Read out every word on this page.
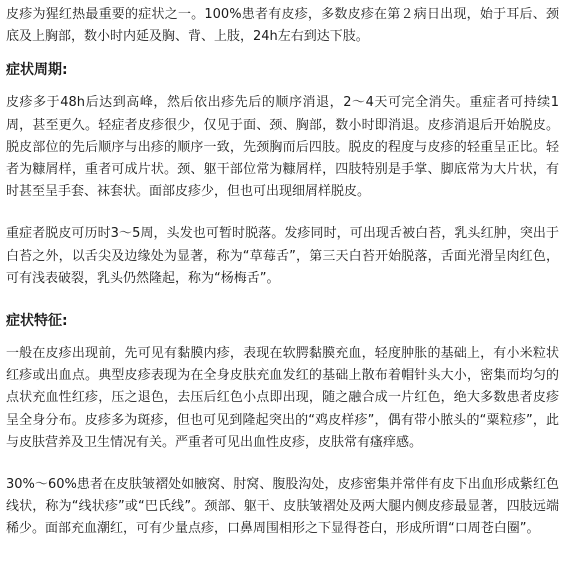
皮疹为猩红热最重要的症状之一。100%患者有皮疹，多数皮疹在第２病日出现，始于耳后、颈底及上胸部，数小时内延及胸、背、上肢，24h左右到达下肢。

症状周期:

皮疹多于48h后达到高峰，然后依出疹先后的顺序消退，2～4天可完全消失。重症者可持续1周，甚至更久。轻症者皮疹很少，仅见于面、颈、胸部，数小时即消退。皮疹消退后开始脱皮。脱皮部位的先后顺序与出疹的顺序一致，先颈胸而后四肢。脱皮的程度与皮疹的轻重呈正比。轻者为糠屑样，重者可成片状。颈、躯干部位常为糠屑样，四肢特别是手掌、脚底常为大片状，有时甚至呈手套、袜套状。面部皮疹少，但也可出现细屑样脱皮。

重症者脱皮可历时3～5周，头发也可暂时脱落。发疹同时，可出现舌被白苔，乳头红肿，突出于白苔之外，以舌尖及边缘处为显著，称为“草莓舌”，第三天白苔开始脱落，舌面光滑呈肉红色，可有浅表破裂，乳头仍然隆起，称为“杨梅舌”。

症状特征:

一般在皮疹出现前，先可见有黏膜内疹，表现在软腭黏膜充血，轻度肿胀的基础上，有小米粒状红疹或出血点。典型皮疹表现为在全身皮肤充血发红的基础上散布着帽针头大小，密集而均匀的点状充血性红疹，压之退色，去压后红色小点即出现，随之融合成一片红色，绝大多数患者皮疹呈全身分布。皮疹多为斑疹，但也可见到隆起突出的“鸡皮样疹”，偶有带小脓头的“粟粒疹”，此与皮肤营养及卫生情况有关。严重者可见出血性皮疹，皮肤常有瘙痒感。

30%～60%患者在皮肤皱褶处如腋窝、肘窝、腹股沟处，皮疹密集并常伴有皮下出血形成紫红色线状，称为“线状疹”或“巴氏线”。颈部、躯干、皮肤皱褶处及两大腿内侧皮疹最显著，四肢远端稀少。面部充血潮红，可有少量点疹，口鼻周围相形之下显得苍白，形成所谓“口周苍白圈”。
